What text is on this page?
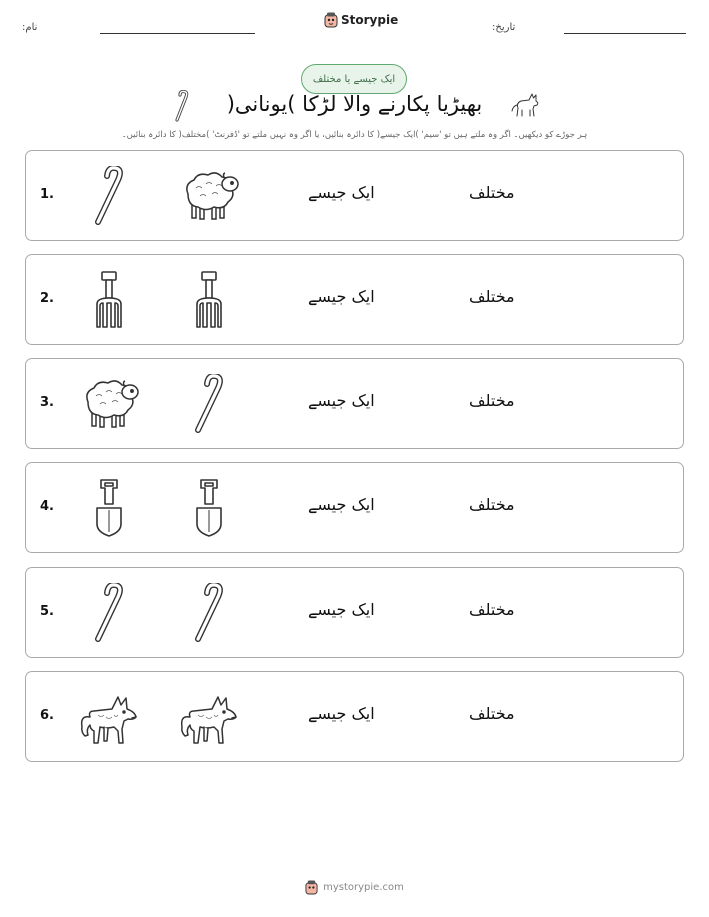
:نام
Storypie
:تاریخ
ایک جیسے یا مختلف
بھیڑیا پکارنے والا لڑکا )یونانی(
ہر جوڑے کو دیکھیں۔ اگر وہ ملتے ہیں تو 'سیم' )ایک جیسے( کا دائرہ بنائیں، یا اگر وہ نہیں ملتے تو 'ڈفرنٹ' )مختلف( کا دائرہ بنائیں۔
1.	ایک جیسے	مختلف
2.	ایک جیسے	مختلف
3.	ایک جیسے	مختلف
4.	ایک جیسے	مختلف
5.	ایک جیسے	مختلف
6.	ایک جیسے	مختلف
mystorypie.com
